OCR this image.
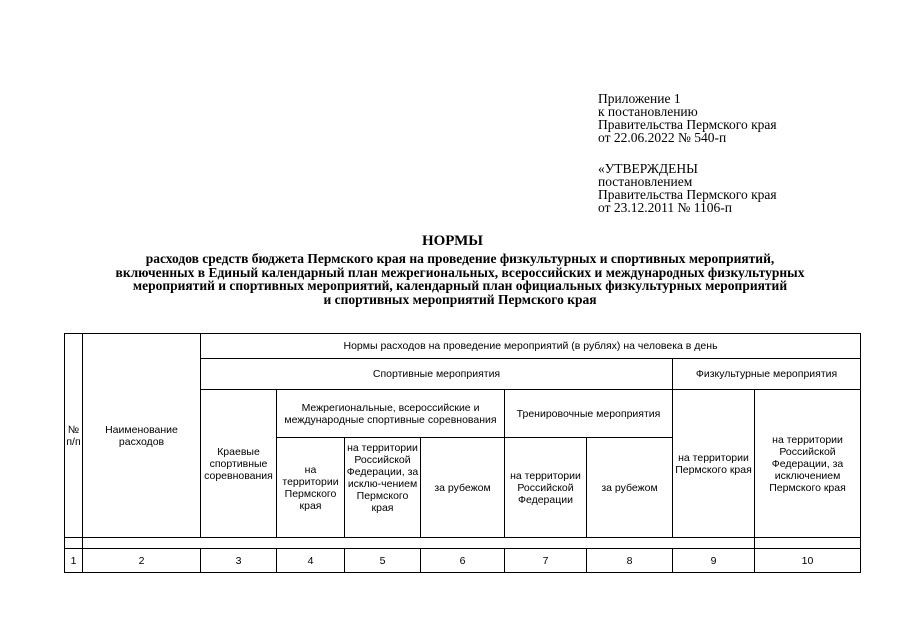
Приложение 1
к постановлению
Правительства Пермского края
от 22.06.2022 № 540-п
«УТВЕРЖДЕНЫ
постановлением
Правительства Пермского края
от 23.12.2011 № 1106-п
НОРМЫ
расходов средств бюджета Пермского края на проведение физкультурных и спортивных мероприятий,
включенных в Единый календарный план межрегиональных, всероссийских и международных физкультурных
мероприятий и спортивных мероприятий, календарный план официальных физкультурных мероприятий
и спортивных мероприятий Пермского края
№ п/п	Наименование расходов	Нормы расходов на проведение мероприятий (в рублях) на человека в день							
		Спортивные мероприятия						Физкультурные мероприятия	
		Краевые спортивные соревнования	Межрегиональные, всероссийские и международные спортивные соревнования			Тренировочные мероприятия		на территории Пермского края	на территории Российской Федерации, за исключением Пермского края
			на территории Пермского края	на территории Российской Федерации, за исклю-чением Пермского края	за рубежом	на территории Российской Федерации	за рубежом		

1	2	3	4	5	6	7	8	9	10
